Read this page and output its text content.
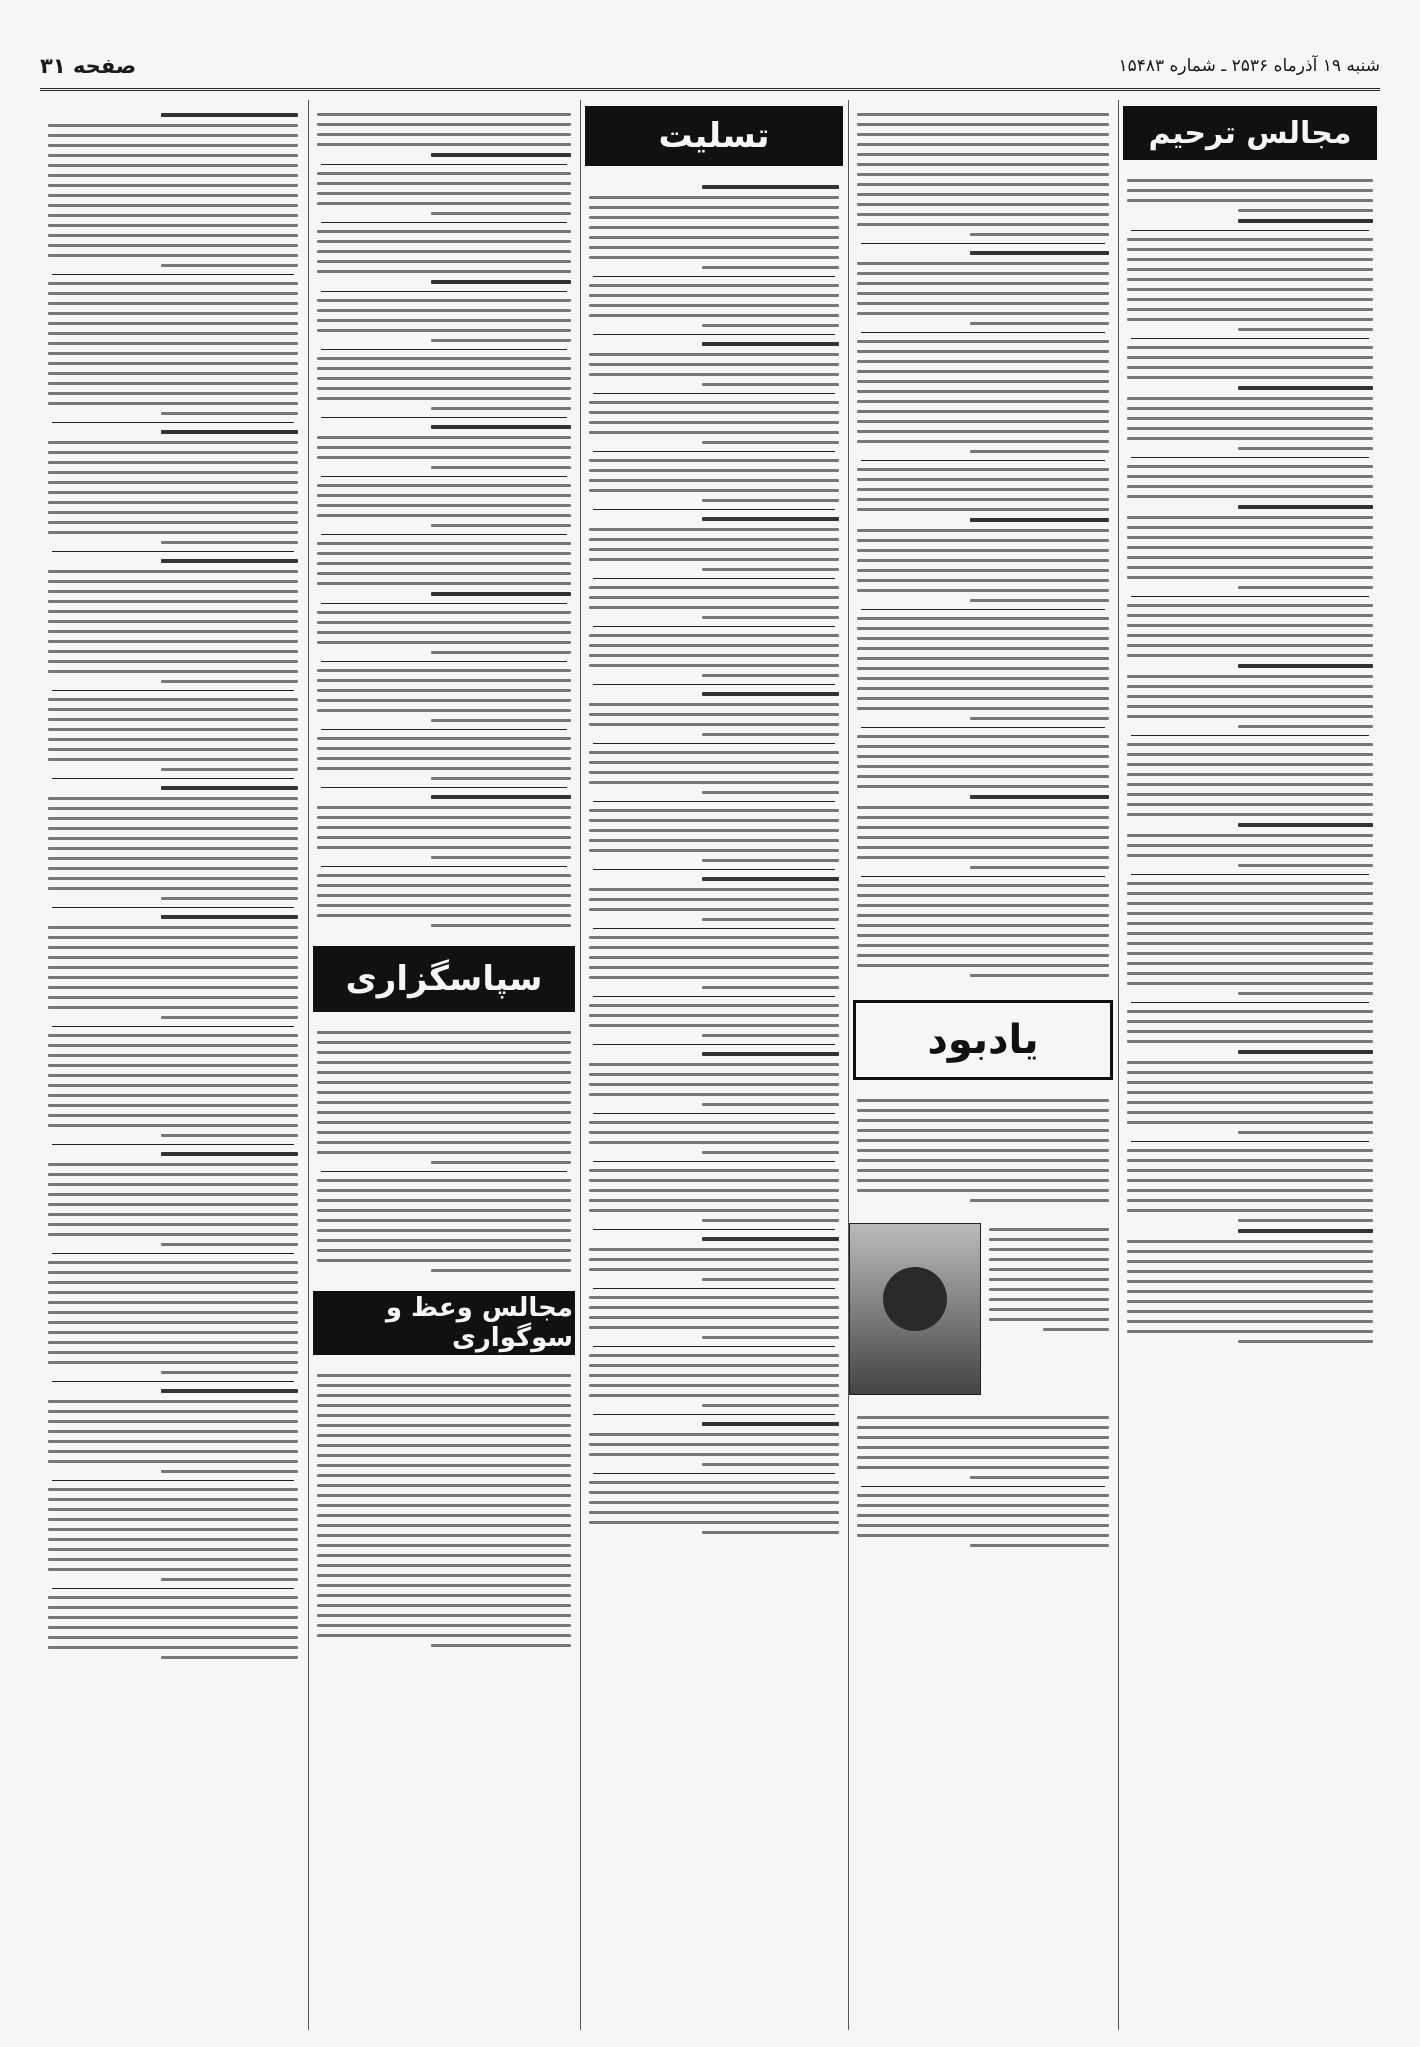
شنبه ۱۹ آذرماه ۲۵۳۶ ـ شماره ۱۵۴۸۳
صفحه ۳۱
مجالس ترحیم
یادبود
تسلیت
سپاسگزاری
مجالس وعظ و سوگواری
